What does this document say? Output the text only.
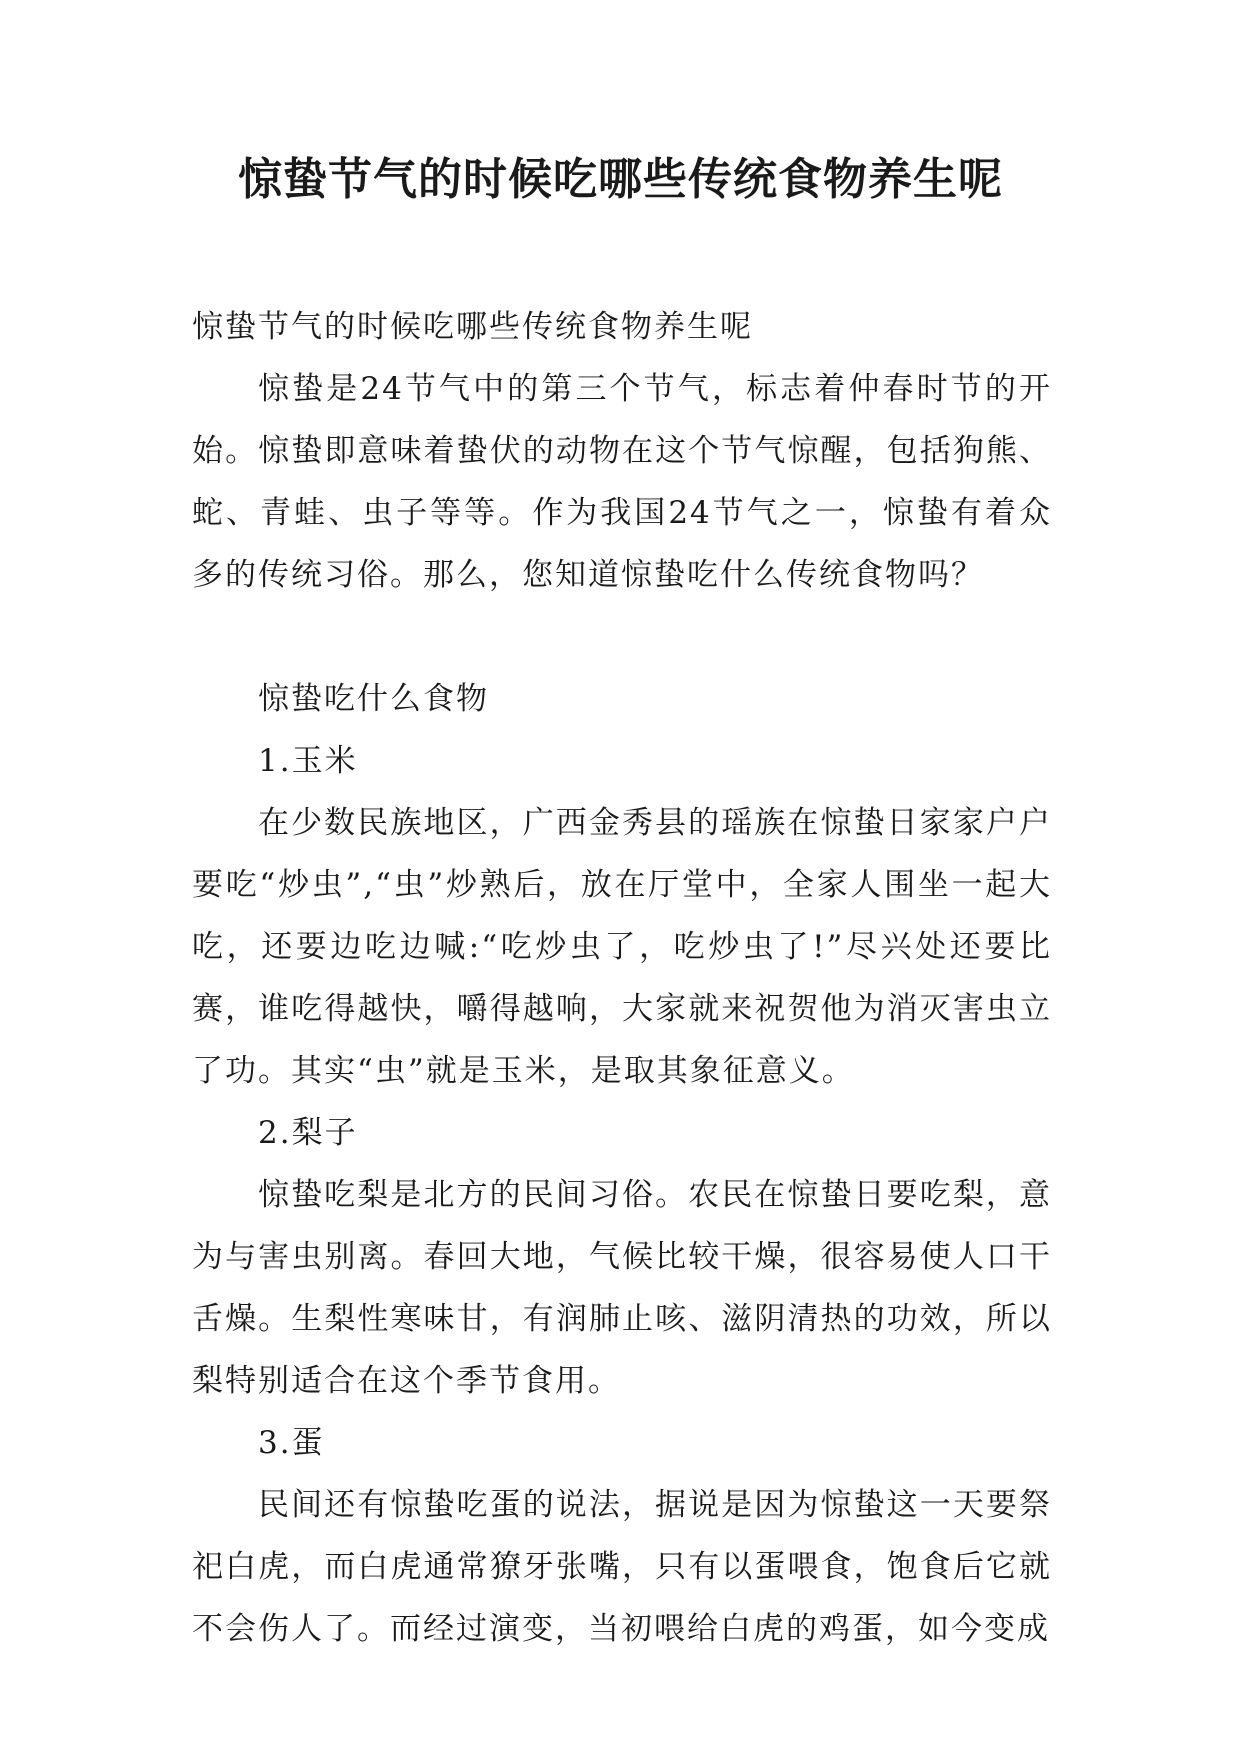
惊蛰节气的时候吃哪些传统食物养生呢

惊蛰节气的时候吃哪些传统食物养生呢

惊蛰是24节气中的第三个节气，标志着仲春时节的开始。惊蛰即意味着蛰伏的动物在这个节气惊醒，包括狗熊、蛇、青蛙、虫子等等。作为我国24节气之一，惊蛰有着众多的传统习俗。那么，您知道惊蛰吃什么传统食物吗？

惊蛰吃什么食物

1.玉米

在少数民族地区，广西金秀县的瑶族在惊蛰日家家户户要吃“炒虫”,“虫”炒熟后，放在厅堂中，全家人围坐一起大吃，还要边吃边喊:“吃炒虫了，吃炒虫了!”尽兴处还要比赛，谁吃得越快，嚼得越响，大家就来祝贺他为消灭害虫立了功。其实“虫”就是玉米，是取其象征意义。

2.梨子

惊蛰吃梨是北方的民间习俗。农民在惊蛰日要吃梨，意为与害虫别离。春回大地，气候比较干燥，很容易使人口干舌燥。生梨性寒味甘，有润肺止咳、滋阴清热的功效，所以梨特别适合在这个季节食用。

3.蛋

民间还有惊蛰吃蛋的说法，据说是因为惊蛰这一天要祭祀白虎，而白虎通常獠牙张嘴，只有以蛋喂食，饱食后它就不会伤人了。而经过演变，当初喂给白虎的鸡蛋，如今变成
